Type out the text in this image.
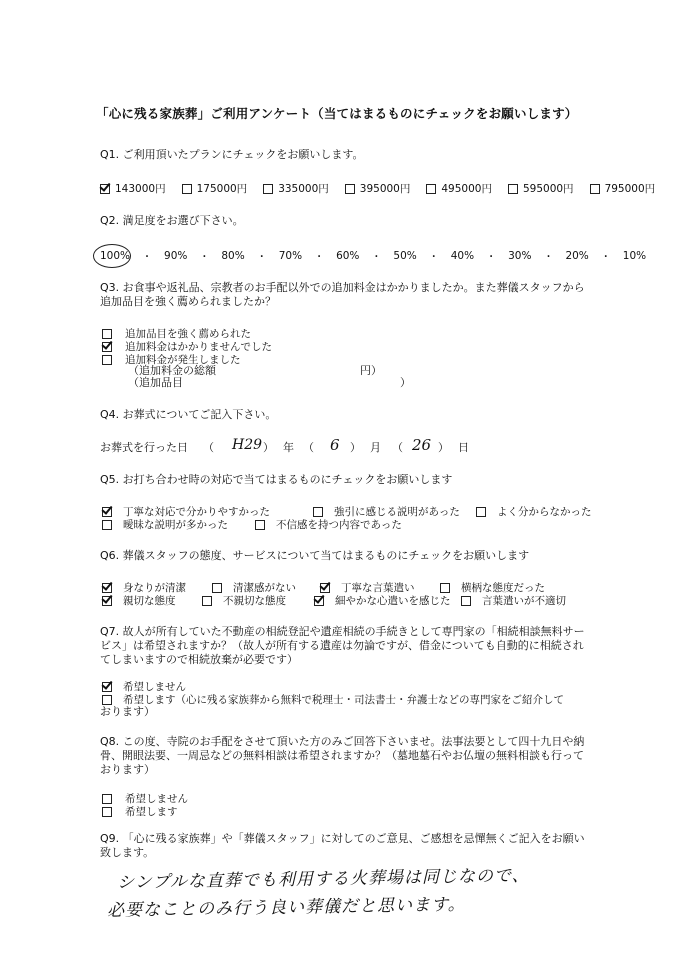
「心に残る家族葬」ご利用アンケート（当てはまるものにチェックをお願いします）
Q1. ご利用頂いたプランにチェックをお願いします。
143000円	175000円	335000円	395000円	495000円	595000円	795000円
Q2. 満足度をお選び下さい。
100% ・ 90% ・ 80% ・ 70% ・ 60% ・ 50% ・ 40% ・ 30% ・ 20% ・ 10%
Q3. お食事や返礼品、宗教者のお手配以外での追加料金はかかりましたか。また葬儀スタッフから
追加品目を強く薦められましたか？
追加品目を強く薦められた
追加料金はかかりませんでした
追加料金が発生しました
（追加料金の総額	円）
（追加品目	）
Q4. お葬式についてご記入下さい。
お葬式を行った日 （ H29 ） 年 （ 6 ） 月 （ 26 ） 日
Q5. お打ち合わせ時の対応で当てはまるものにチェックをお願いします
丁寧な対応で分かりやすかった	強引に感じる説明があった	よく分からなかった
曖昧な説明が多かった	不信感を持つ内容であった
Q6. 葬儀スタッフの態度、サービスについて当てはまるものにチェックをお願いします
身なりが清潔	清潔感がない	丁寧な言葉遣い	横柄な態度だった
親切な態度	不親切な態度	細やかな心遣いを感じた	言葉遣いが不適切
Q7. 故人が所有していた不動産の相続登記や遺産相続の手続きとして専門家の「相続相談無料サー
ビス」は希望されますか？（故人が所有する遺産は勿論ですが、借金についても自動的に相続され
てしまいますので相続放棄が必要です）
希望しません
希望します（心に残る家族葬から無料で税理士・司法書士・弁護士などの専門家をご紹介して
おります）
Q8. この度、寺院のお手配をさせて頂いた方のみご回答下さいませ。法事法要として四十九日や納
骨、開眼法要、一周忌などの無料相談は希望されますか？（墓地墓石やお仏壇の無料相談も行って
おります）
希望しません
希望します
Q9. 「心に残る家族葬」や「葬儀スタッフ」に対してのご意見、ご感想を忌憚無くご記入をお願い
致します。
シンプルな直葬でも利用する火葬場は同じなので、
必要なことのみ行う良い葬儀だと思います。
